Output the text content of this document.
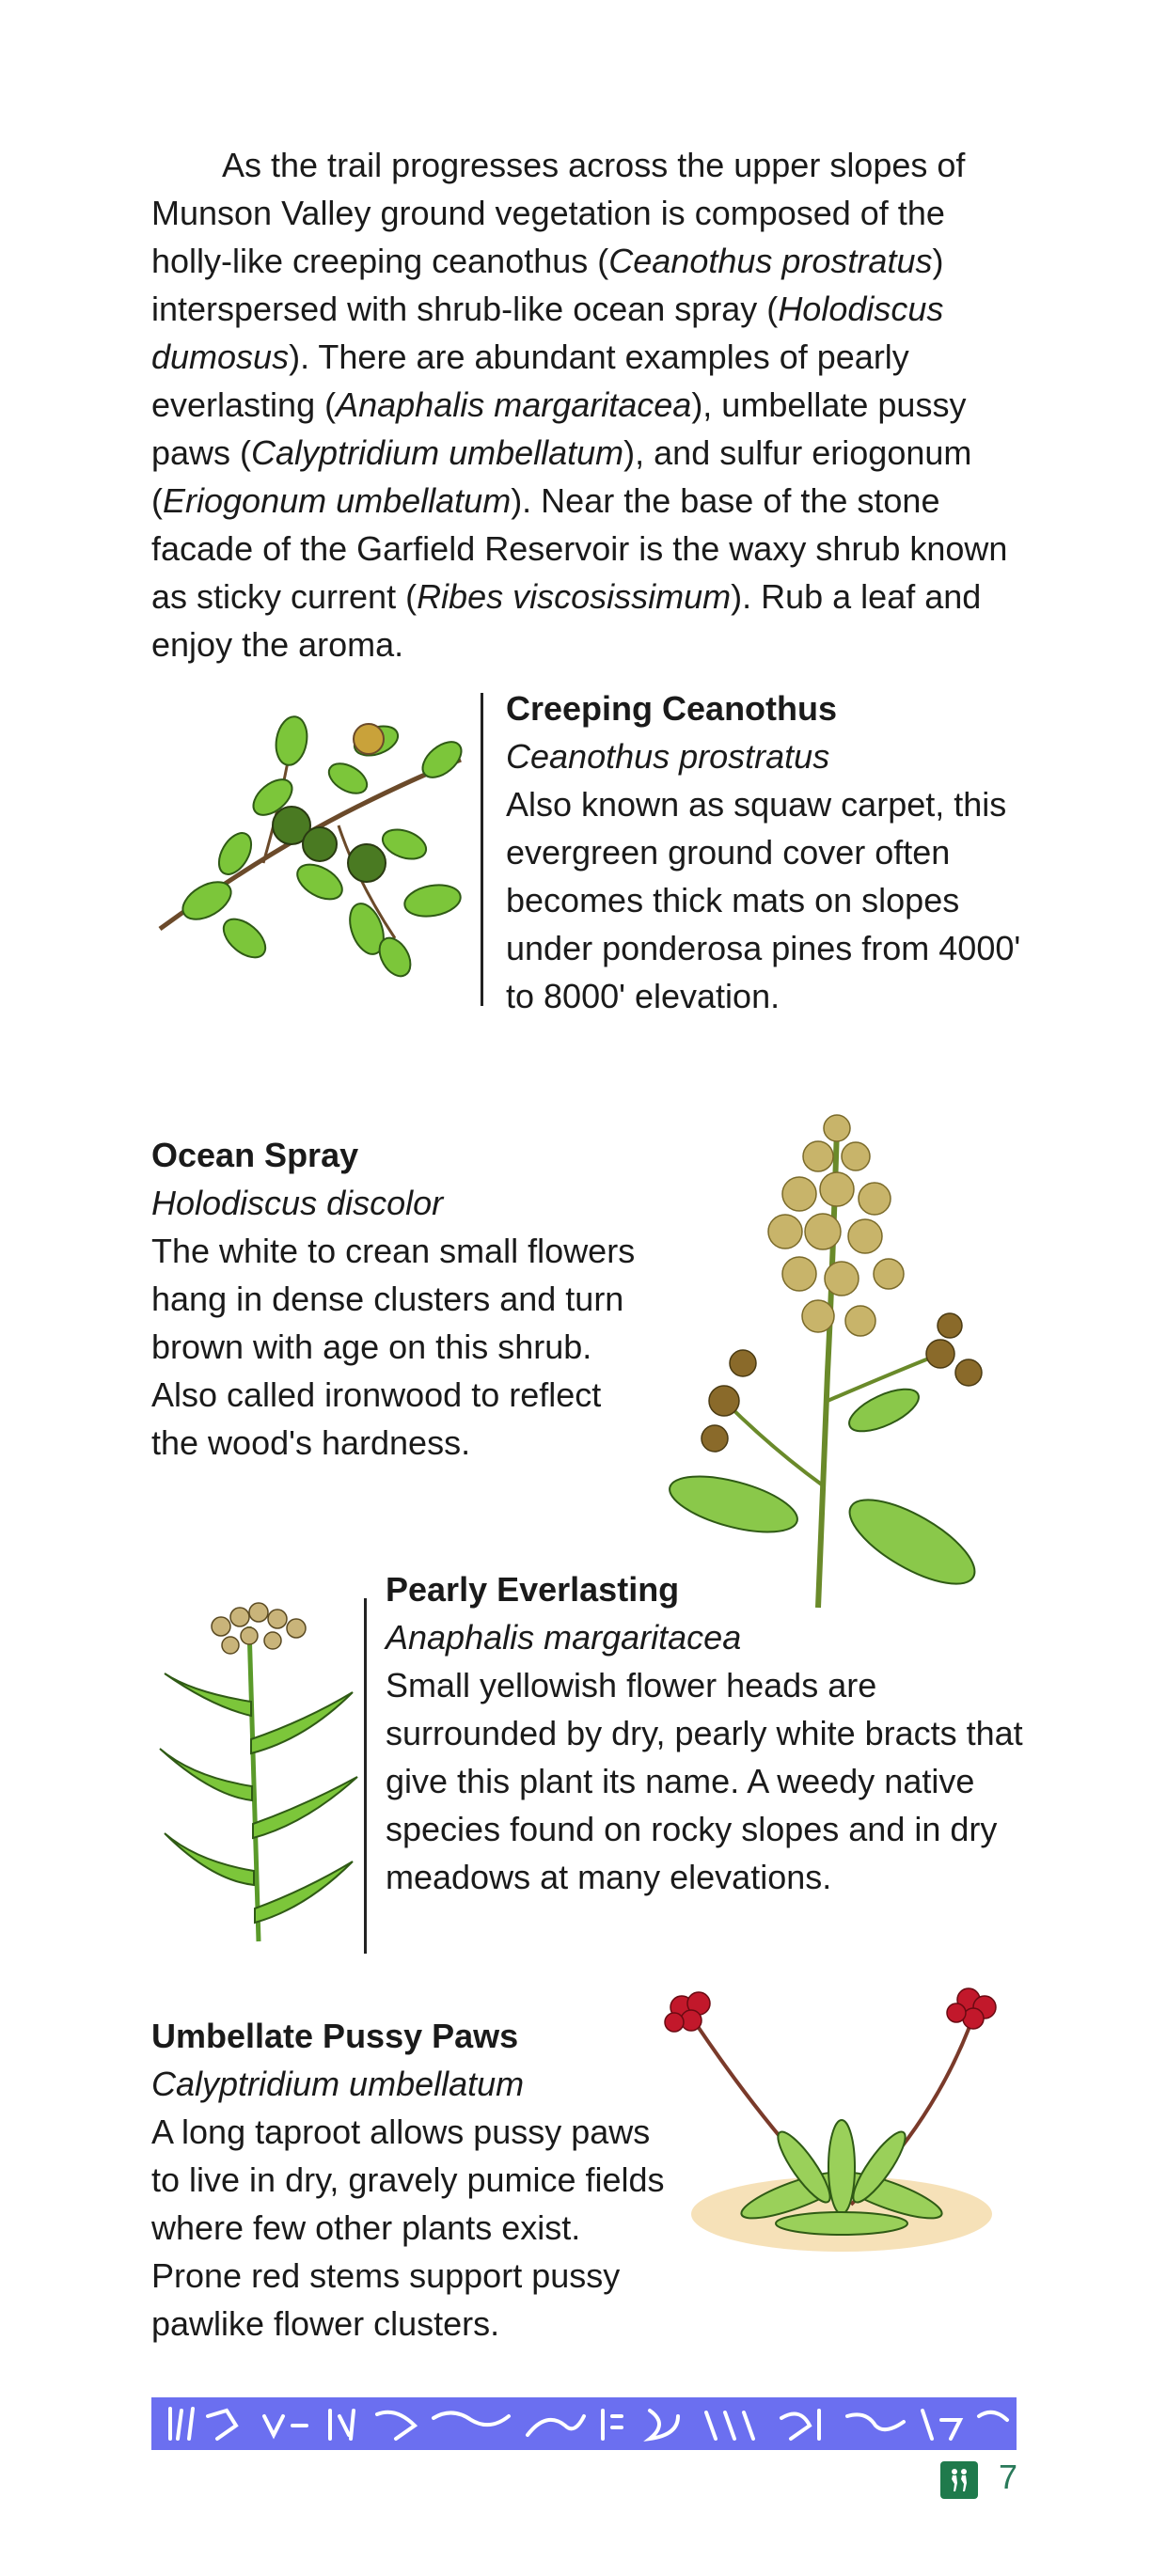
As the trail progresses across the upper slopes of Munson Valley ground vegetation is composed of the holly-like creeping ceanothus (Ceanothus prostratus) interspersed with shrub-like ocean spray (Holodiscus dumosus). There are abundant examples of pearly everlasting (Anaphalis margaritacea), umbellate pussy paws (Calyptridium umbellatum), and sulfur eriogonum (Eriogonum umbellatum). Near the base of the stone facade of the Garfield Reservoir is the waxy shrub known as sticky current (Ribes viscosissimum). Rub a leaf and enjoy the aroma.

Creeping Ceanothus
Ceanothus prostratus
Also known as squaw carpet, this evergreen ground cover often becomes thick mats on slopes under ponderosa pines from 4000' to 8000' elevation.
Ocean Spray
Holodiscus discolor
The white to crean small flowers hang in dense clusters and turn brown with age on this shrub. Also called ironwood to reflect the wood's hardness.
Pearly Everlasting
Anaphalis margaritacea
Small yellowish flower heads are surrounded by dry, pearly white bracts that give this plant its name. A weedy native species found on rocky slopes and in dry meadows at many elevations.
Umbellate Pussy Paws
Calyptridium umbellatum
A long taproot allows pussy paws to live in dry, gravely pumice fields where few other plants exist. Prone red stems support pussy pawlike flower clusters.
7
